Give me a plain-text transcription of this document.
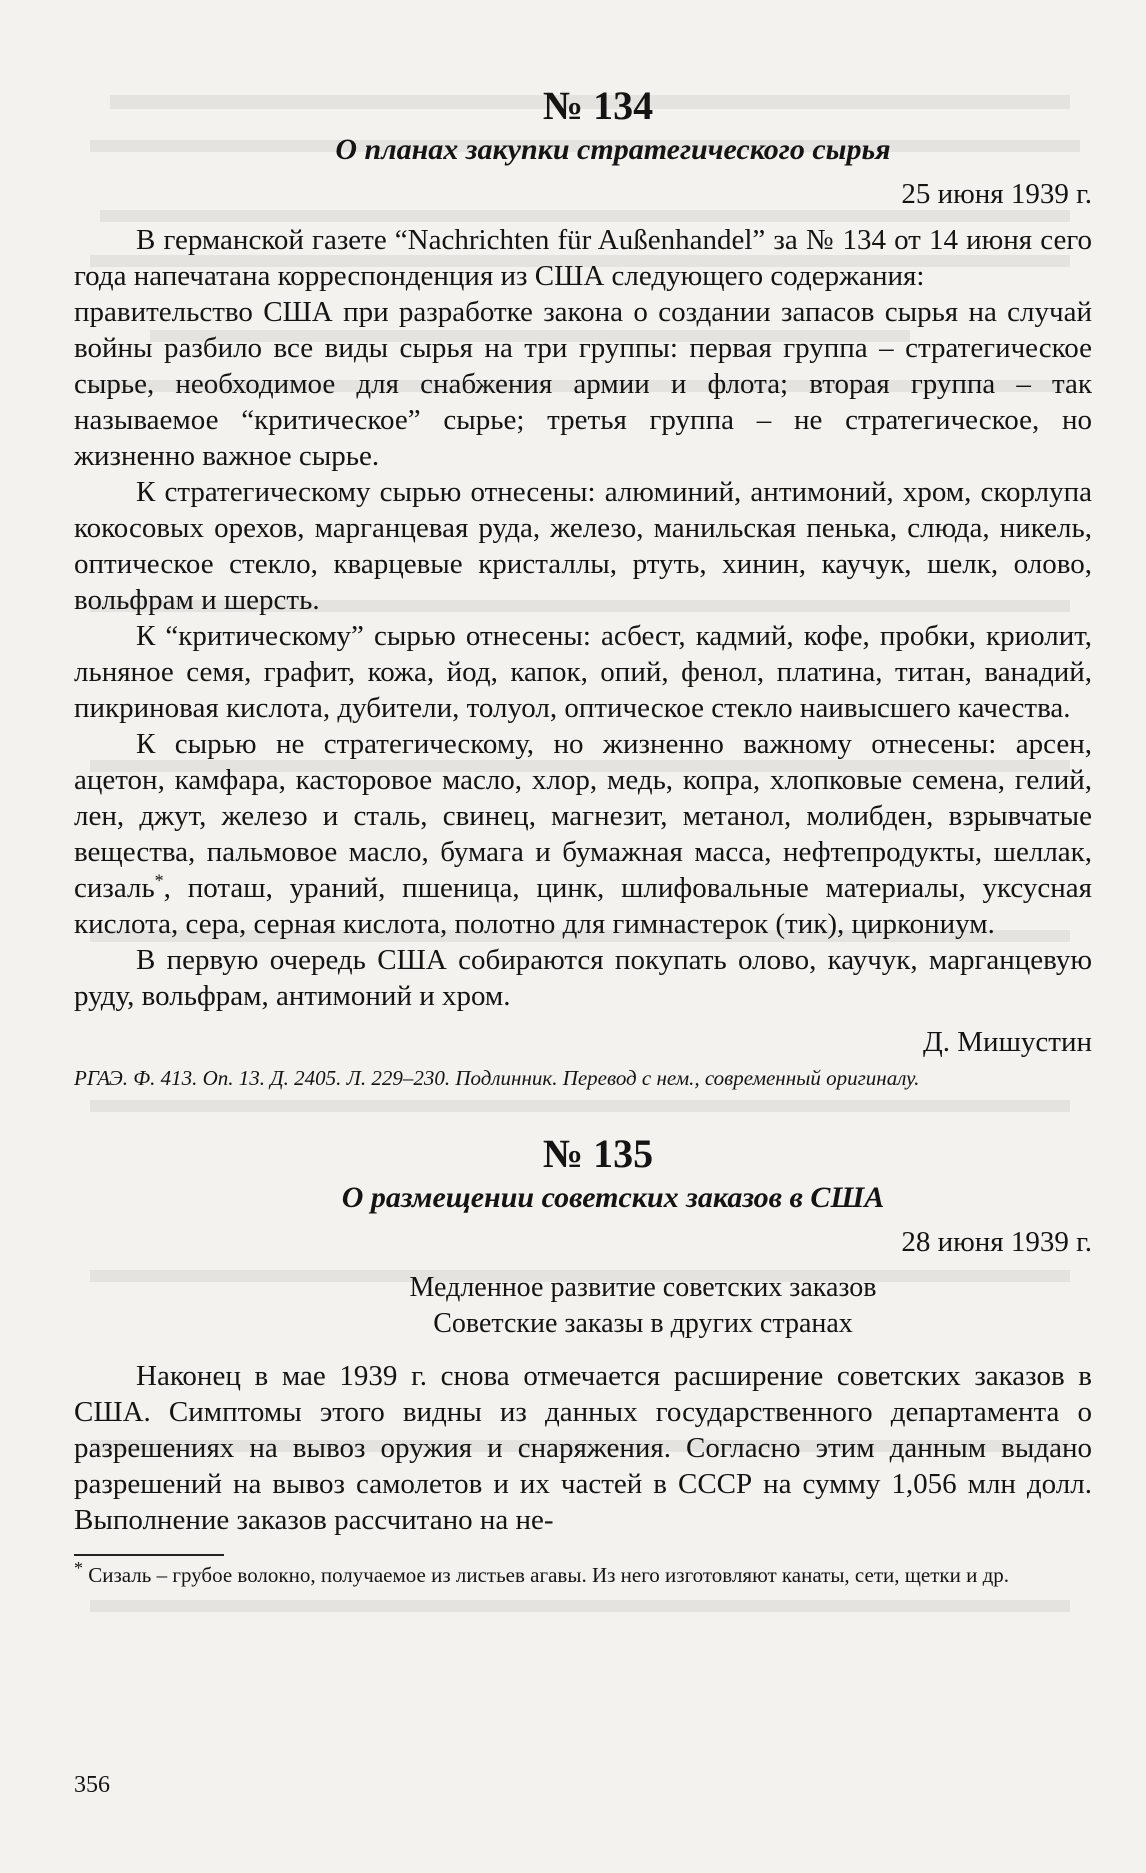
№ 134
О планах закупки стратегического сырья
25 июня 1939 г.

В германской газете “Nachrichten für Außenhandel” за № 134 от 14 июня сего года напечатана корреспонденция из США следующего содержания:

правительство США при разработке закона о создании запасов сырья на случай войны разбило все виды сырья на три группы: первая группа – стратегическое сырье, необходимое для снабжения армии и флота; вторая группа – так называемое “критическое” сырье; третья группа – не стратегическое, но жизненно важное сырье.

К стратегическому сырью отнесены: алюминий, антимоний, хром, скорлупа кокосовых орехов, марганцевая руда, железо, манильская пенька, слюда, никель, оптическое стекло, кварцевые кристаллы, ртуть, хинин, каучук, шелк, олово, вольфрам и шерсть.

К “критическому” сырью отнесены: асбест, кадмий, кофе, пробки, криолит, льняное семя, графит, кожа, йод, капок, опий, фенол, платина, титан, ванадий, пикриновая кислота, дубители, толуол, оптическое стекло наивысшего качества.

К сырью не стратегическому, но жизненно важному отнесены: арсен, ацетон, камфара, касторовое масло, хлор, медь, копра, хлопковые семена, гелий, лен, джут, железо и сталь, свинец, магнезит, метанол, молибден, взрывчатые вещества, пальмовое масло, бумага и бумажная масса, нефтепродукты, шеллак, сизаль*, поташ, ураний, пшеница, цинк, шлифовальные материалы, уксусная кислота, сера, серная кислота, полотно для гимнастерок (тик), циркониум.

В первую очередь США собираются покупать олово, каучук, марганцевую руду, вольфрам, антимоний и хром.

Д. Мишустин

РГАЭ. Ф. 413. Оп. 13. Д. 2405. Л. 229–230. Подлинник. Перевод с нем., современный оригиналу.

№ 135
О размещении советских заказов в США
28 июня 1939 г.
Медленное развитие советских заказов
Советские заказы в других странах

Наконец в мае 1939 г. снова отмечается расширение советских заказов в США. Симптомы этого видны из данных государственного департамента о разрешениях на вывоз оружия и снаряжения. Согласно этим данным выдано разрешений на вывоз самолетов и их частей в СССР на сумму 1,056 млн долл. Выполнение заказов рассчитано на не-

* Сизаль – грубое волокно, получаемое из листьев агавы. Из него изготовляют канаты, сети, щетки и др.

356
